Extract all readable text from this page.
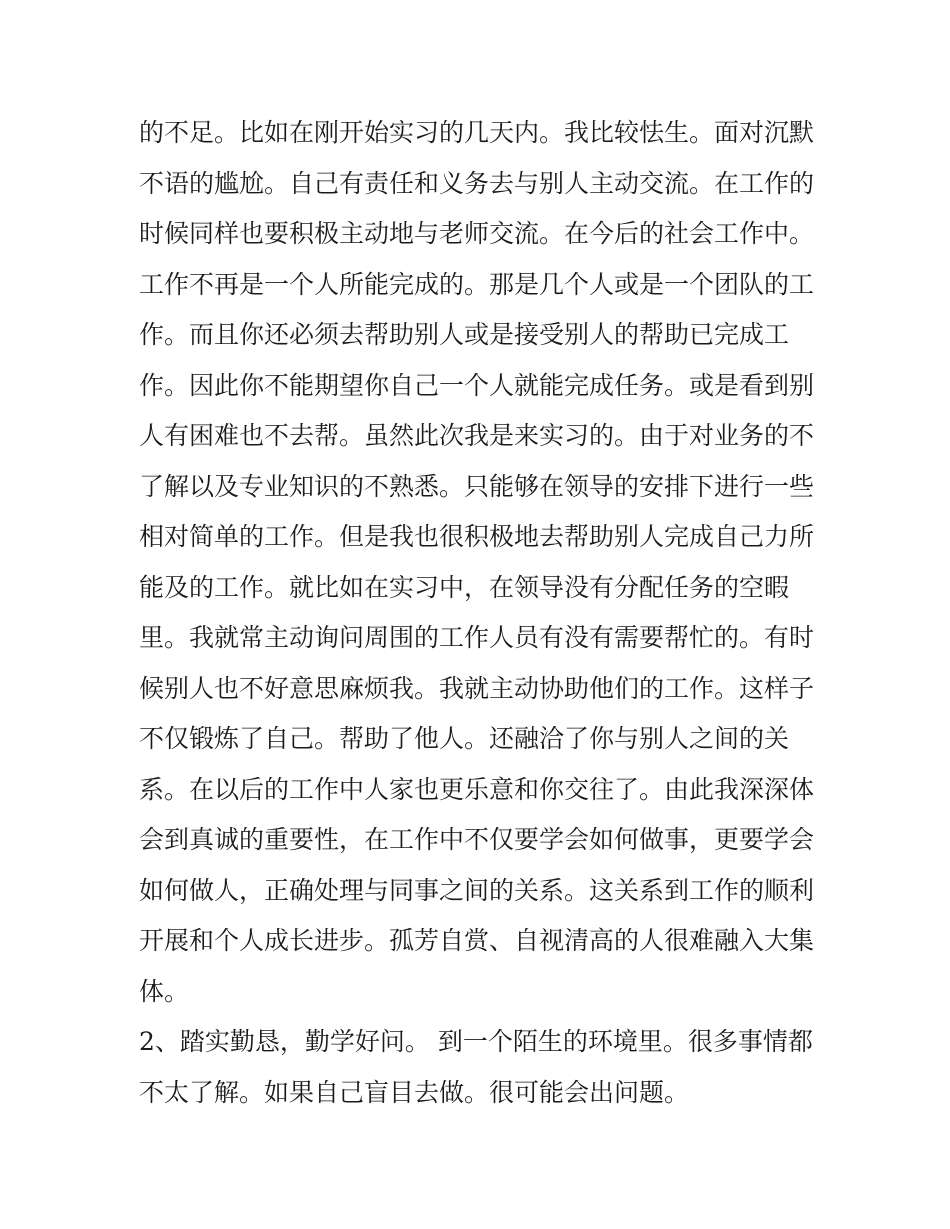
的不足。比如在刚开始实习的几天内。我比较怯生。面对沉默
不语的尴尬。自己有责任和义务去与别人主动交流。在工作的
时候同样也要积极主动地与老师交流。在今后的社会工作中。
工作不再是一个人所能完成的。那是几个人或是一个团队的工
作。而且你还必须去帮助别人或是接受别人的帮助已完成工
作。因此你不能期望你自己一个人就能完成任务。或是看到别
人有困难也不去帮。虽然此次我是来实习的。由于对业务的不
了解以及专业知识的不熟悉。只能够在领导的安排下进行一些
相对简单的工作。但是我也很积极地去帮助别人完成自己力所
能及的工作。就比如在实习中，在领导没有分配任务的空暇
里。我就常主动询问周围的工作人员有没有需要帮忙的。有时
候别人也不好意思麻烦我。我就主动协助他们的工作。这样子
不仅锻炼了自己。帮助了他人。还融洽了你与别人之间的关
系。在以后的工作中人家也更乐意和你交往了。由此我深深体
会到真诚的重要性，在工作中不仅要学会如何做事，更要学会
如何做人，正确处理与同事之间的关系。这关系到工作的顺利
开展和个人成长进步。孤芳自赏、自视清高的人很难融入大集
体。
2、踏实勤恳，勤学好问。 到一个陌生的环境里。很多事情都
不太了解。如果自己盲目去做。很可能会出问题。
